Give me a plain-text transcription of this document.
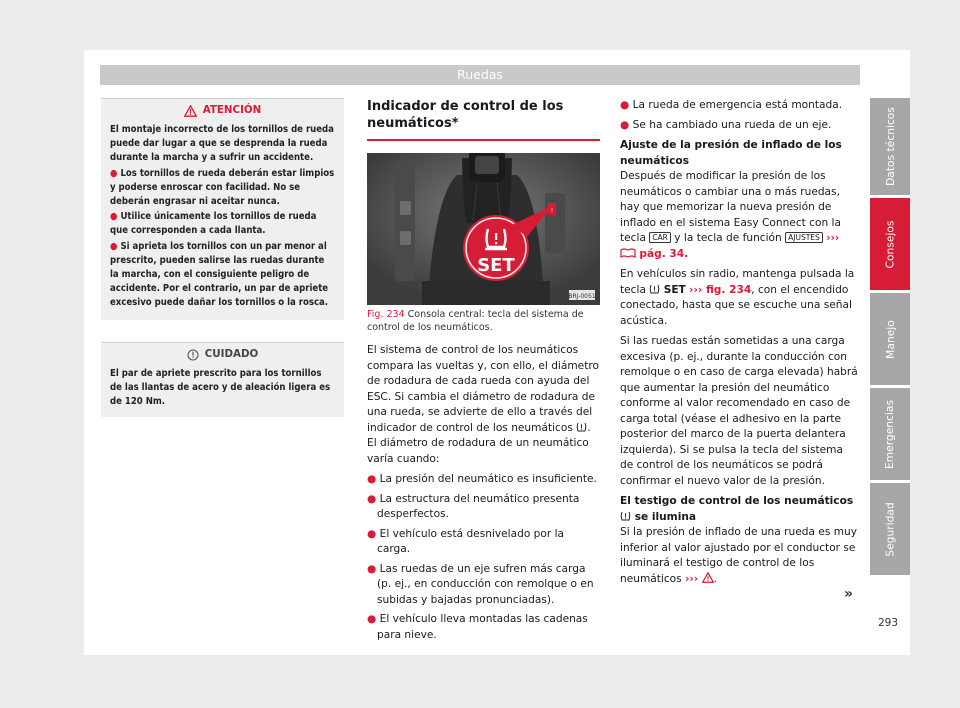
Ruedas
ATENCIÓN

El montaje incorrecto de los tornillos de rueda puede dar lugar a que se desprenda la rueda durante la marcha y a sufrir un accidente.

● Los tornillos de rueda deberán estar limpios y poderse enroscar con facilidad. No se deberán engrasar ni aceitar nunca.

● Utilice únicamente los tornillos de rueda que corresponden a cada llanta.

● Si aprieta los tornillos con un par menor al prescrito, pueden salirse las ruedas durante la marcha, con el consiguiente peligro de accidente. Por el contrario, un par de apriete excesivo puede dañar los tornillos o la rosca.

CUIDADO
El par de apriete prescrito para los tornillos de las llantas de acero y de aleación ligera es de 120 Nm.
Indicador de control de los neumáticos*
!
SET
BRJ-0051
Fig. 234 Consola central: tecla del sistema de control de los neumáticos.

El sistema de control de los neumáticos compara las vueltas y, con ello, el diámetro de rodadura de cada rueda con ayuda del ESC. Si cambia el diámetro de rodadura de una rueda, se advierte de ello a través del indicador de control de los neumáticos . El diámetro de rodadura de un neumático varía cuando:

● La presión del neumático es insuficiente.
● La estructura del neumático presenta desperfectos.
● El vehículo está desnivelado por la carga.
● Las ruedas de un eje sufren más carga (p. ej., en conducción con remolque o en subidas y bajadas pronunciadas).
● El vehículo lleva montadas las cadenas para nieve.
● La rueda de emergencia está montada.
● Se ha cambiado una rueda de un eje.
Ajuste de la presión de inflado de los neumáticos

Después de modificar la presión de los neumáticos o cambiar una o más ruedas, hay que memorizar la nueva presión de inflado en el sistema Easy Connect con la tecla CAR y la tecla de función AJUSTES ›››  pág. 34.

En vehículos sin radio, mantenga pulsada la tecla SET ››› fig. 234, con el encendido conectado, hasta que se escuche una señal acústica.

Si las ruedas están sometidas a una carga excesiva (p. ej., durante la conducción con remolque o en caso de carga elevada) habrá que aumentar la presión del neumático conforme al valor recomendado en caso de carga total (véase el adhesivo en la parte posterior del marco de la puerta delantera izquierda). Si se pulsa la tecla del sistema de control de los neumáticos se podrá confirmar el nuevo valor de la presión.

El testigo de control de los neumáticos  se ilumina

Si la presión de inflado de una rueda es muy inferior al valor ajustado por el conductor se iluminará el testigo de control de los neumáticos ››› .

»
Datos técnicos
Consejos
Manejo
Emergencias
Seguridad
293
